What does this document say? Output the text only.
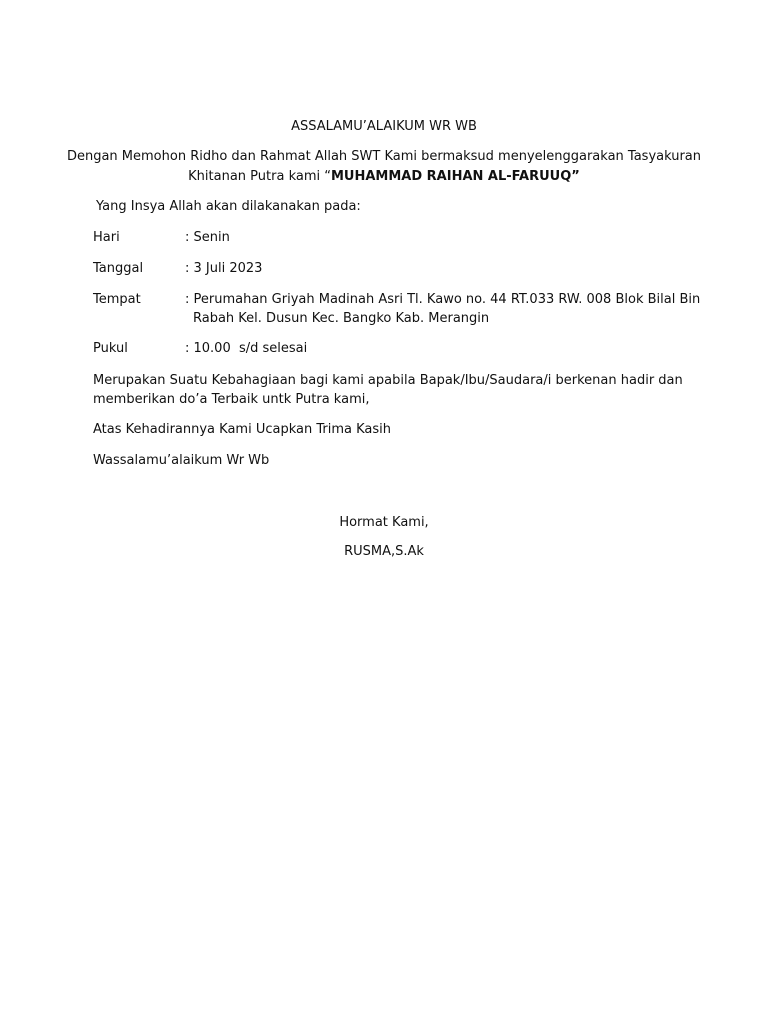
ASSALAMU’ALAIKUM WR WB
Dengan Memohon Ridho dan Rahmat Allah SWT Kami bermaksud menyelenggarakan Tasyakuran
Khitanan Putra kami “MUHAMMAD RAIHAN AL-FARUUQ”
Yang Insya Allah akan dilakanakan pada:
Hari	: Senin
Tanggal	: 3 Juli 2023
Tempat	: Perumahan Griyah Madinah Asri Tl. Kawo no. 44 RT.033 RW. 008 Blok Bilal Bin
Rabah Kel. Dusun Kec. Bangko Kab. Merangin
Pukul	: 10.00  s/d selesai
Merupakan Suatu Kebahagiaan bagi kami apabila Bapak/Ibu/Saudara/i berkenan hadir dan
memberikan do’a Terbaik untk Putra kami,
Atas Kehadirannya Kami Ucapkan Trima Kasih
Wassalamu’alaikum Wr Wb
Hormat Kami,
RUSMA,S.Ak
